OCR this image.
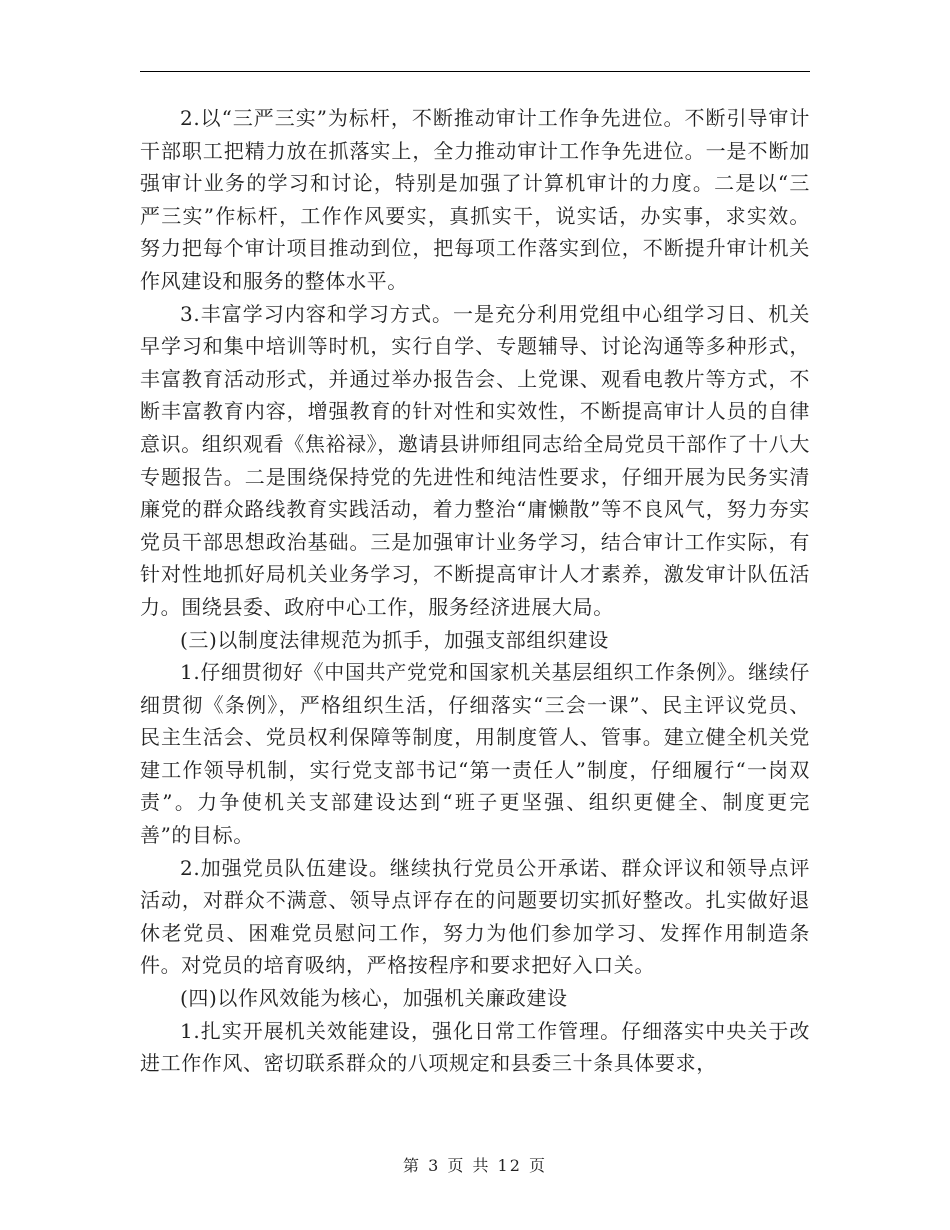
2.以“三严三实”为标杆，不断推动审计工作争先进位。不断引导审计干部职工把精力放在抓落实上，全力推动审计工作争先进位。一是不断加强审计业务的学习和讨论，特别是加强了计算机审计的力度。二是以“三严三实”作标杆，工作作风要实，真抓实干，说实话，办实事，求实效。努力把每个审计项目推动到位，把每项工作落实到位，不断提升审计机关作风建设和服务的整体水平。

3.丰富学习内容和学习方式。一是充分利用党组中心组学习日、机关早学习和集中培训等时机，实行自学、专题辅导、讨论沟通等多种形式，丰富教育活动形式，并通过举办报告会、上党课、观看电教片等方式，不断丰富教育内容，增强教育的针对性和实效性，不断提高审计人员的自律意识。组织观看《焦裕禄》，邀请县讲师组同志给全局党员干部作了十八大专题报告。二是围绕保持党的先进性和纯洁性要求，仔细开展为民务实清廉党的群众路线教育实践活动，着力整治“庸懒散”等不良风气，努力夯实党员干部思想政治基础。三是加强审计业务学习，结合审计工作实际，有针对性地抓好局机关业务学习，不断提高审计人才素养，激发审计队伍活力。围绕县委、政府中心工作，服务经济进展大局。

(三)以制度法律规范为抓手，加强支部组织建设

1.仔细贯彻好《中国共产党党和国家机关基层组织工作条例》。继续仔细贯彻《条例》，严格组织生活，仔细落实“三会一课”、民主评议党员、民主生活会、党员权利保障等制度，用制度管人、管事。建立健全机关党建工作领导机制，实行党支部书记“第一责任人”制度，仔细履行“一岗双责”。力争使机关支部建设达到“班子更坚强、组织更健全、制度更完善”的目标。

2.加强党员队伍建设。继续执行党员公开承诺、群众评议和领导点评活动，对群众不满意、领导点评存在的问题要切实抓好整改。扎实做好退休老党员、困难党员慰问工作，努力为他们参加学习、发挥作用制造条件。对党员的培育吸纳，严格按程序和要求把好入口关。

(四)以作风效能为核心，加强机关廉政建设

1.扎实开展机关效能建设，强化日常工作管理。仔细落实中央关于改进工作作风、密切联系群众的八项规定和县委三十条具体要求，

第 3 页 共 12 页
